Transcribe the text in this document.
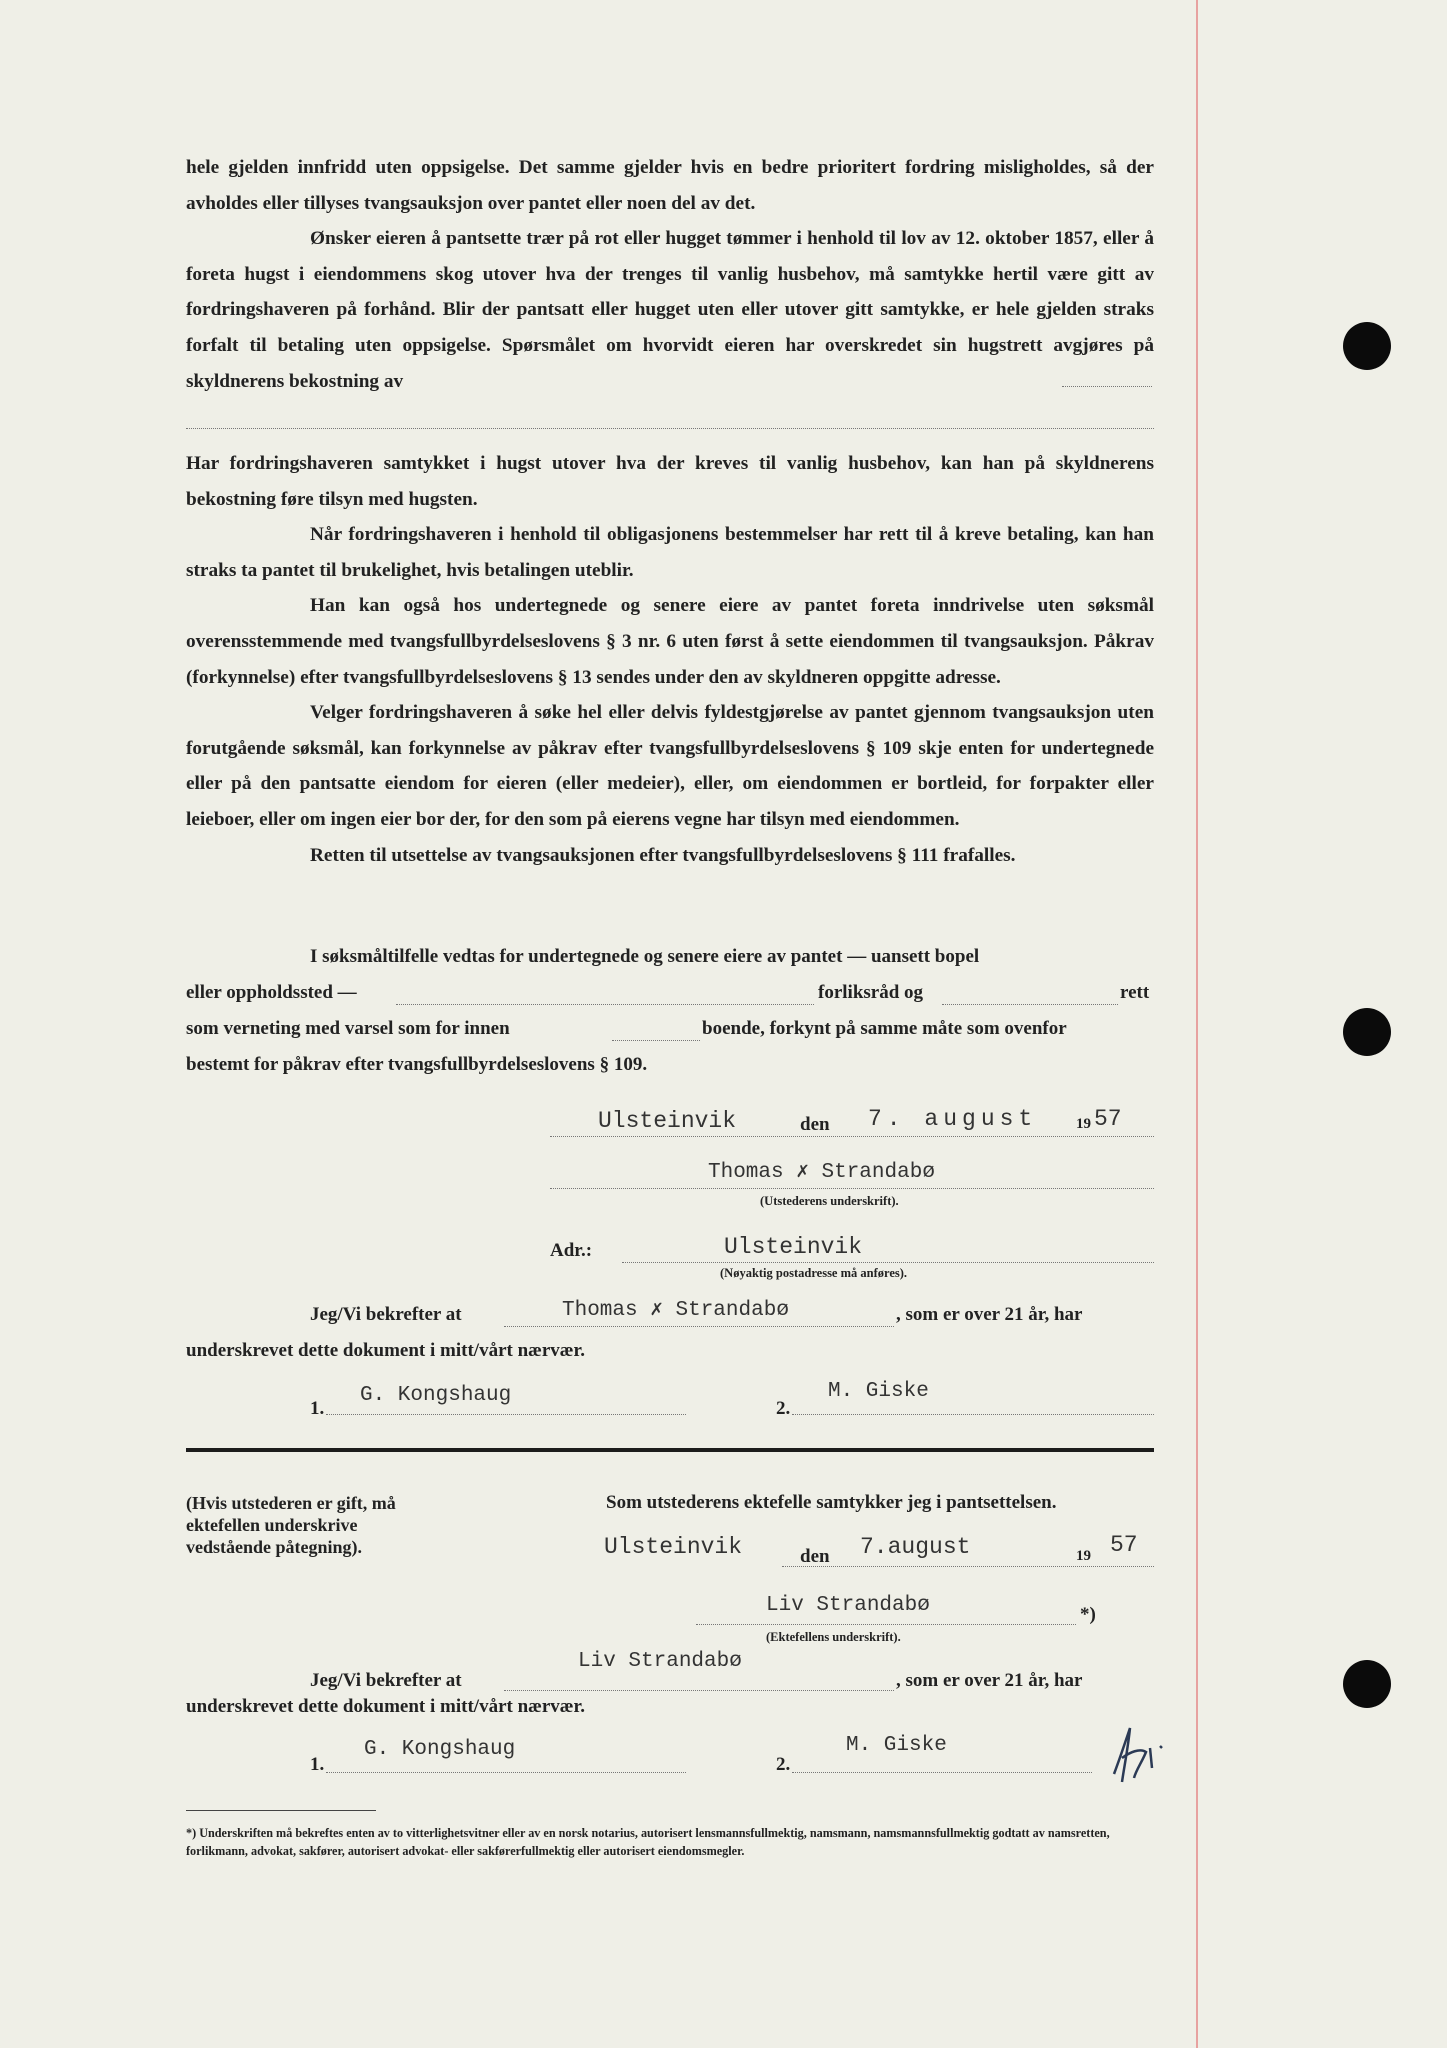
hele gjelden innfridd uten oppsigelse. Det samme gjelder hvis en bedre prioritert fordring misligholdes, så der avholdes eller tillyses tvangsauksjon over pantet eller noen del av det.

Ønsker eieren å pantsette trær på rot eller hugget tømmer i henhold til lov av 12. oktober 1857, eller å foreta hugst i eiendommens skog utover hva der trenges til vanlig husbehov, må samtykke hertil være gitt av fordringshaveren på forhånd. Blir der pantsatt eller hugget uten eller utover gitt samtykke, er hele gjelden straks forfalt til betaling uten oppsigelse. Spørsmålet om hvorvidt eieren har overskredet sin hugstrett avgjøres på skyldnerens bekostning av

Har fordringshaveren samtykket i hugst utover hva der kreves til vanlig husbehov, kan han på skyldnerens bekostning føre tilsyn med hugsten.

Når fordringshaveren i henhold til obligasjonens bestemmelser har rett til å kreve betaling, kan han straks ta pantet til brukelighet, hvis betalingen uteblir.

Han kan også hos undertegnede og senere eiere av pantet foreta inndrivelse uten søksmål overensstemmende med tvangsfullbyrdelseslovens § 3 nr. 6 uten først å sette eiendommen til tvangsauksjon. Påkrav (forkynnelse) efter tvangsfullbyrdelseslovens § 13 sendes under den av skyldneren oppgitte adresse.

Velger fordringshaveren å søke hel eller delvis fyldestgjørelse av pantet gjennom tvangsauksjon uten forutgående søksmål, kan forkynnelse av påkrav efter tvangsfullbyrdelseslovens § 109 skje enten for undertegnede eller på den pantsatte eiendom for eieren (eller medeier), eller, om eiendommen er bortleid, for forpakter eller leieboer, eller om ingen eier bor der, for den som på eierens vegne har tilsyn med eiendommen.

Retten til utsettelse av tvangsauksjonen efter tvangsfullbyrdelseslovens § 111 frafalles.

I søksmåltilfelle vedtas for undertegnede og senere eiere av pantet — uansett bopel
eller oppholdssted —	forliksråd og	rett
som verneting med varsel som for innen	boende, forkynt på samme måte som ovenfor
bestemt for påkrav efter tvangsfullbyrdelseslovens § 109.
Ulsteinvik	den 7. august	19 57
Thomas ✗ Strandabø
(Utstederens underskrift).
Adr.:	Ulsteinvik
(Nøyaktig postadresse må anføres).
Jeg/Vi bekrefter at	Thomas ✗ Strandabø	, som er over 21 år, har
underskrevet dette dokument i mitt/vårt nærvær.
1.
G. Kongshaug
2.
M. Giske
(Hvis utstederen er gift, må ektefellen underskrive vedstående påtegning).
Som utstederens ektefelle samtykker jeg i pantsettelsen.
Ulsteinvik	den 7.august	19 57
Liv Strandabø	*)
(Ektefellens underskrift).
Jeg/Vi bekrefter at
Liv Strandabø
, som er over 21 år, har
underskrevet dette dokument i mitt/vårt nærvær.
1.
G. Kongshaug
2.
M. Giske
*) Underskriften må bekreftes enten av to vitterlighetsvitner eller av en norsk notarius, autorisert lensmannsfullmektig, namsmann, namsmannsfullmektig godtatt av namsretten, forlikmann, advokat, sakfører, autorisert advokat- eller sakførerfullmektig eller autorisert eiendomsmegler.
